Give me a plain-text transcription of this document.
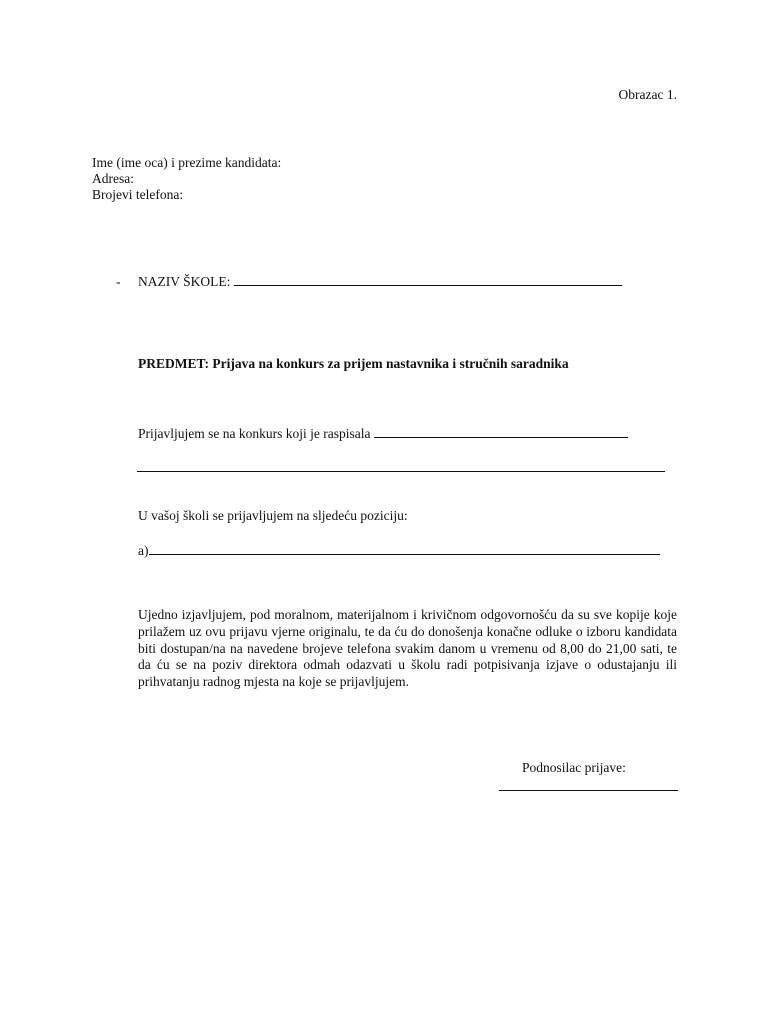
Obrazac 1.
Ime (ime oca) i prezime kandidata:
Adresa:
Brojevi telefona:
- NAZIV ŠKOLE:
PREDMET: Prijava na konkurs za prijem nastavnika i stručnih saradnika
Prijavljujem se na konkurs koji je raspisala
U vašoj školi se prijavljujem na sljedeću poziciju:
a)
Ujedno izjavljujem, pod moralnom, materijalnom i krivičnom odgovornošću da su sve kopije koje prilažem uz ovu prijavu vjerne originalu, te da ću do donošenja konačne odluke o izboru kandidata biti dostupan/na na navedene brojeve telefona svakim danom u vremenu od 8,00 do 21,00 sati, te da ću se na poziv direktora odmah odazvati u školu radi potpisivanja izjave o odustajanju ili prihvatanju radnog mjesta na koje se prijavljujem.
Podnosilac prijave:
